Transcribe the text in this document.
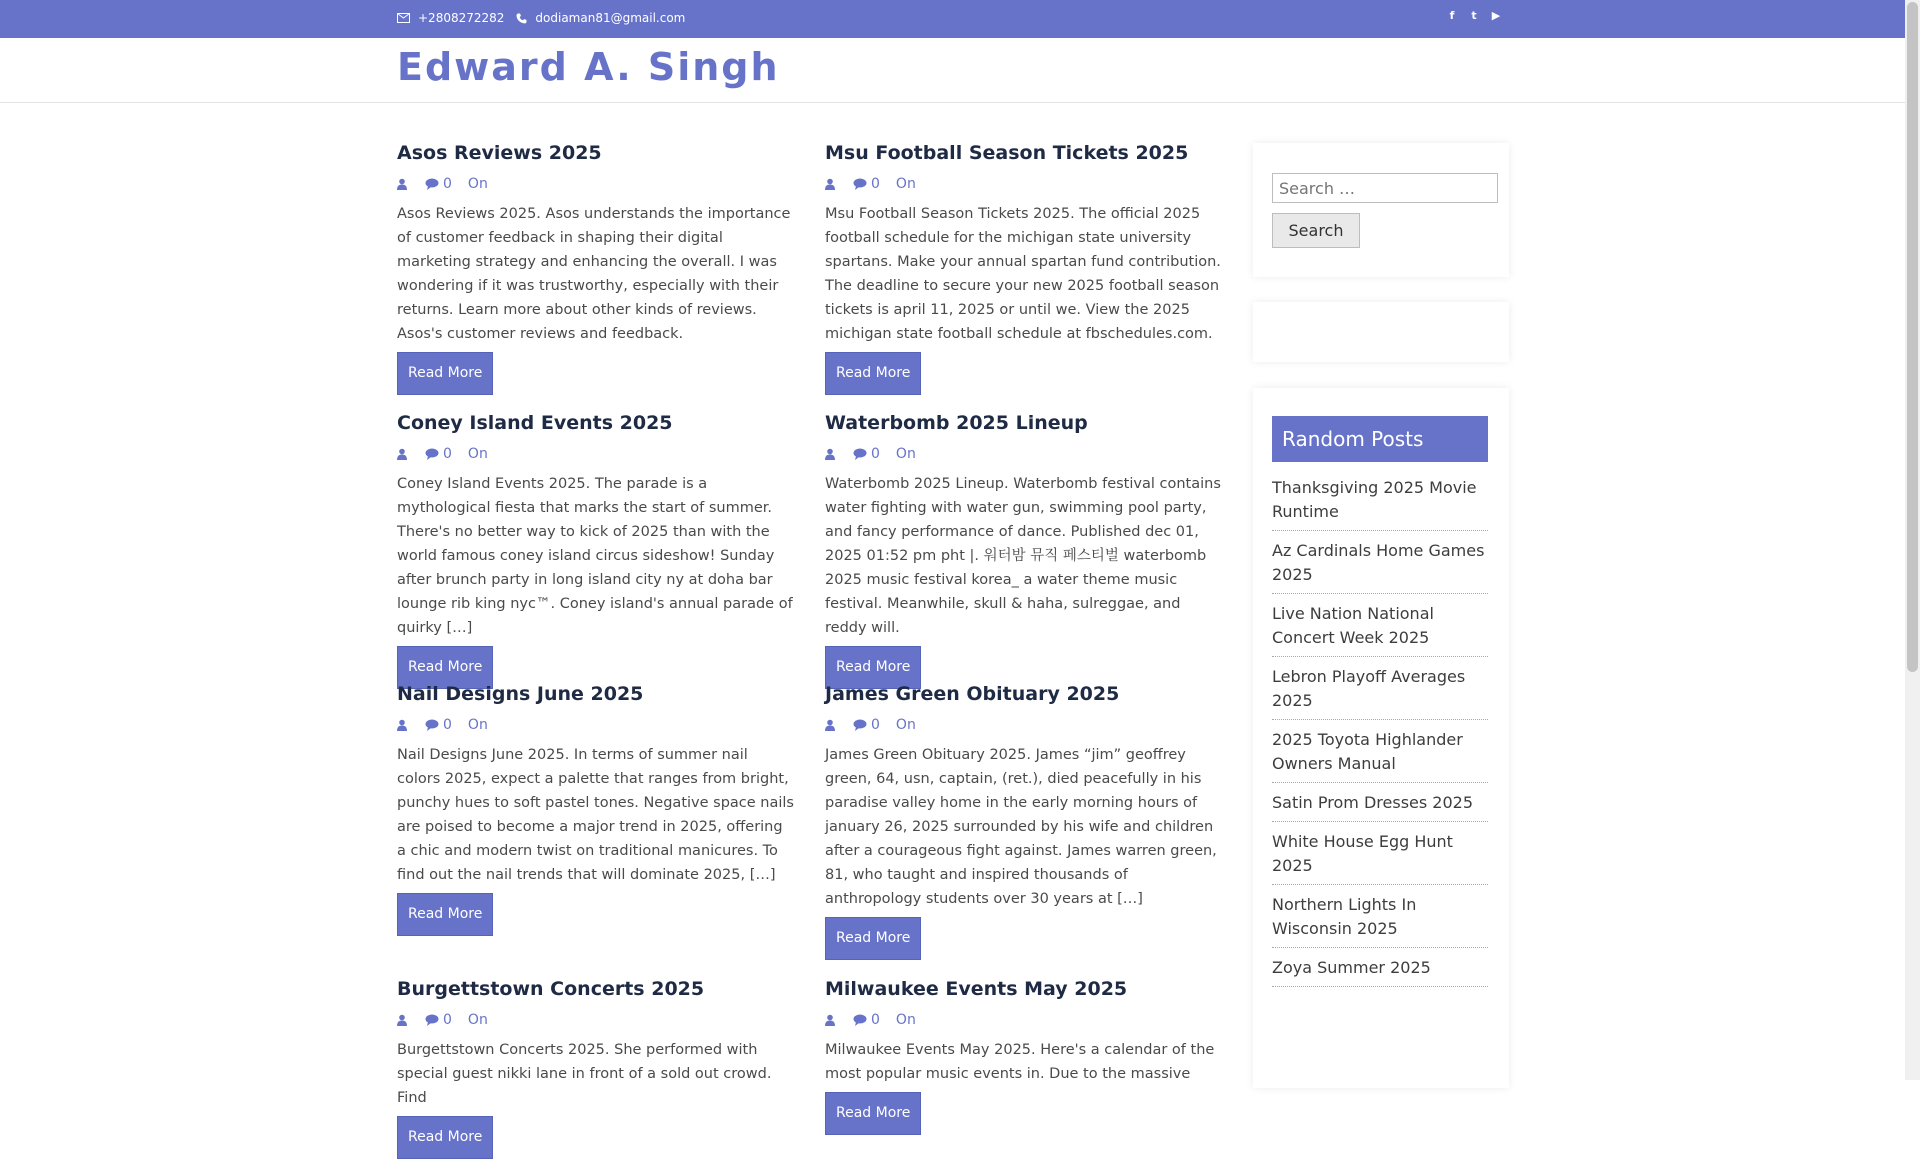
+2808272282	dodiaman81@gmail.com	f	t	▶
Edward A. Singh
Asos Reviews 2025
0 On
Asos Reviews 2025. Asos understands the importance of customer feedback in shaping their digital marketing strategy and enhancing the overall. I was wondering if it was trustworthy, especially with their returns. Learn more about other kinds of reviews. Asos's customer reviews and feedback.
Read More
Msu Football Season Tickets 2025
0 On
Msu Football Season Tickets 2025. The official 2025 football schedule for the michigan state university spartans. Make your annual spartan fund contribution. The deadline to secure your new 2025 football season tickets is april 11, 2025 or until we. View the 2025 michigan state football schedule at fbschedules.com.
Read More
Coney Island Events 2025
0 On
Coney Island Events 2025. The parade is a mythological fiesta that marks the start of summer. There's no better way to kick of 2025 than with the world famous coney island circus sideshow! Sunday after brunch party in long island city ny at doha bar lounge rib king nyc™. Coney island's annual parade of quirky […]
Read More
Waterbomb 2025 Lineup
0 On
Waterbomb 2025 Lineup. Waterbomb festival contains water fighting with water gun, swimming pool party, and fancy performance of dance. Published dec 01, 2025 01:52 pm pht |. 워터밤 뮤직 페스티벌 waterbomb 2025 music festival korea_ a water theme music festival. Meanwhile, skull & haha, sulreggae, and reddy will.
Read More
Nail Designs June 2025
0 On
Nail Designs June 2025. In terms of summer nail colors 2025, expect a palette that ranges from bright, punchy hues to soft pastel tones. Negative space nails are poised to become a major trend in 2025, offering a chic and modern twist on traditional manicures. To find out the nail trends that will dominate 2025, […]
Read More
James Green Obituary 2025
0 On
James Green Obituary 2025. James “jim” geoffrey green, 64, usn, captain, (ret.), died peacefully in his paradise valley home in the early morning hours of january 26, 2025 surrounded by his wife and children after a courageous fight against. James warren green, 81, who taught and inspired thousands of anthropology students over 30 years at […]
Read More
Burgettstown Concerts 2025
0 On
Burgettstown Concerts 2025. She performed with special guest nikki lane in front of a sold out crowd. Find
Read More
Milwaukee Events May 2025
0 On
Milwaukee Events May 2025. Here's a calendar of the most popular music events in. Due to the massive
Read More
Search …
Search
Random Posts
Thanksgiving 2025 Movie Runtime
Az Cardinals Home Games 2025
Live Nation National Concert Week 2025
Lebron Playoff Averages 2025
2025 Toyota Highlander Owners Manual
Satin Prom Dresses 2025
White House Egg Hunt 2025
Northern Lights In Wisconsin 2025
Zoya Summer 2025
